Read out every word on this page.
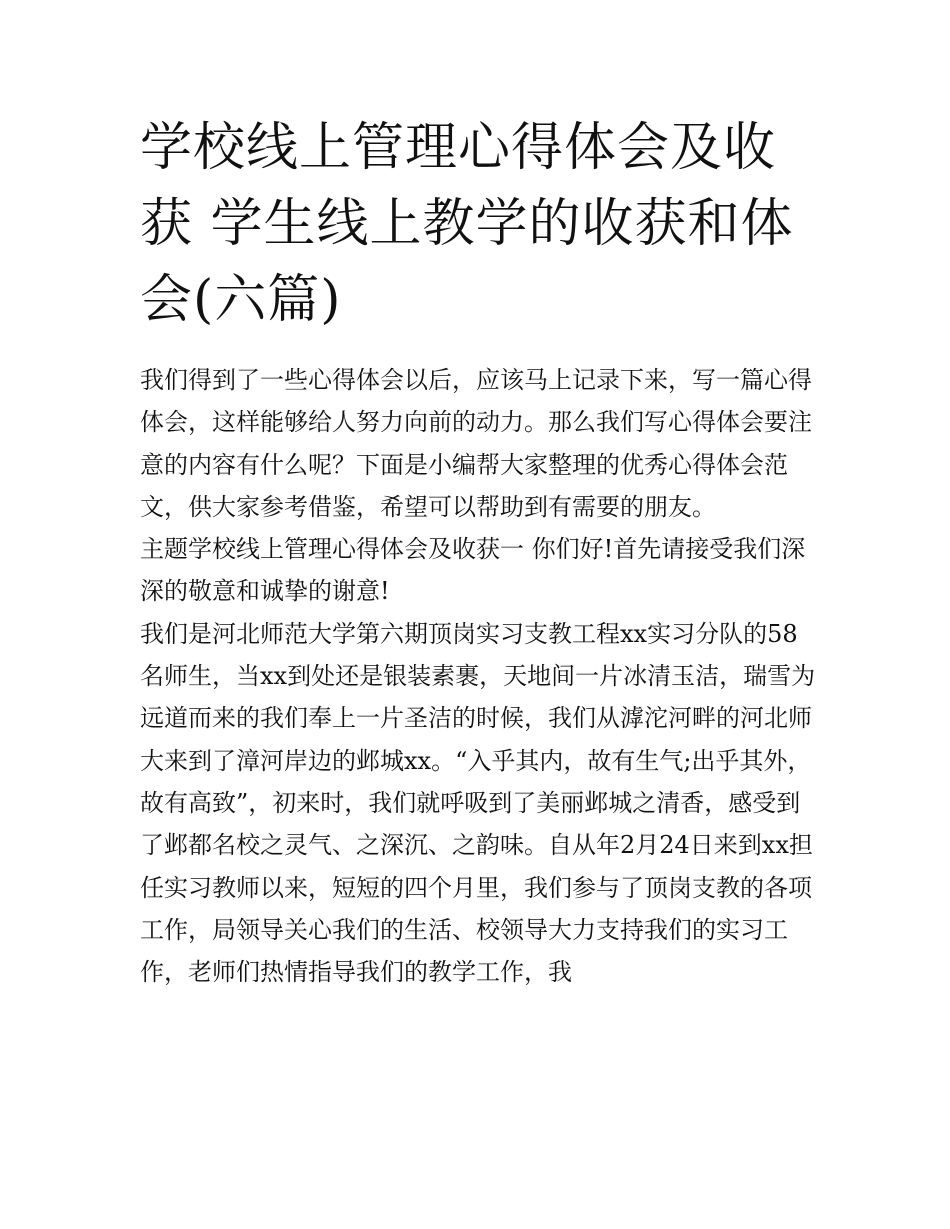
学校线上管理心得体会及收获 学生线上教学的收获和体会(六篇)

我们得到了一些心得体会以后，应该马上记录下来，写一篇心得体会，这样能够给人努力向前的动力。那么我们写心得体会要注意的内容有什么呢？下面是小编帮大家整理的优秀心得体会范文，供大家参考借鉴，希望可以帮助到有需要的朋友。

主题学校线上管理心得体会及收获一 你们好!首先请接受我们深深的敬意和诚挚的谢意!

我们是河北师范大学第六期顶岗实习支教工程xx实习分队的58名师生，当xx到处还是银装素裹，天地间一片冰清玉洁，瑞雪为远道而来的我们奉上一片圣洁的时候，我们从滹沱河畔的河北师大来到了漳河岸边的邺城xx。“入乎其内，故有生气;出乎其外，故有高致”，初来时，我们就呼吸到了美丽邺城之清香，感受到了邺都名校之灵气、之深沉、之韵味。自从年2月24日来到xx担任实习教师以来，短短的四个月里，我们参与了顶岗支教的各项工作，局领导关心我们的生活、校领导大力支持我们的实习工作，老师们热情指导我们的教学工作，我
